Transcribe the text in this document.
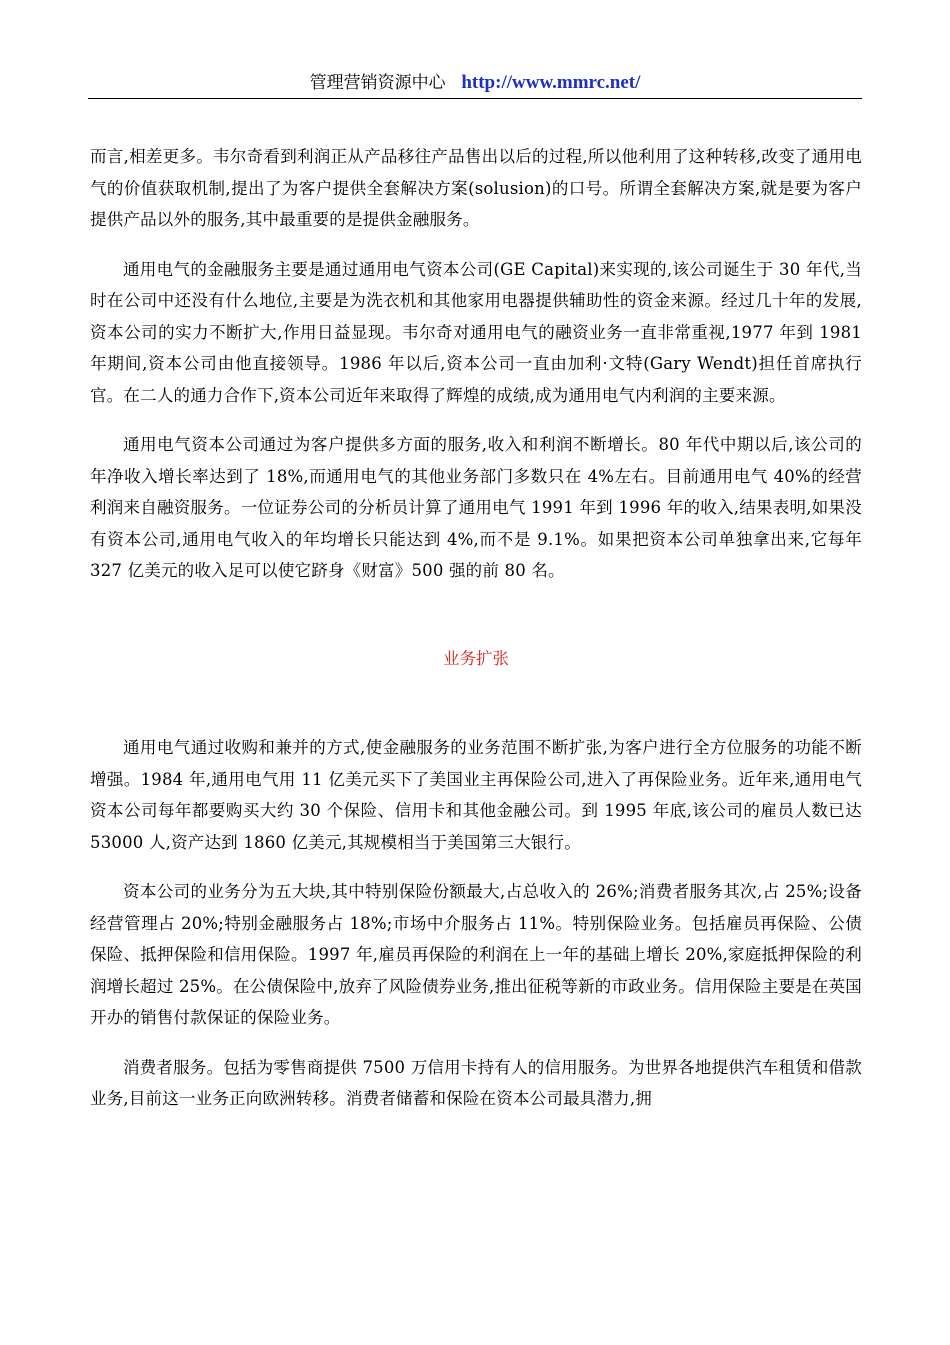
管理营销资源中心 http://www.mmrc.net/

而言,相差更多。韦尔奇看到利润正从产品移往产品售出以后的过程,所以他利用了这种转移,改变了通用电气的价值获取机制,提出了为客户提供全套解决方案(solusion)的口号。所谓全套解决方案,就是要为客户提供产品以外的服务,其中最重要的是提供金融服务。

通用电气的金融服务主要是通过通用电气资本公司(GE Capital)来实现的,该公司诞生于 30 年代,当时在公司中还没有什么地位,主要是为洗衣机和其他家用电器提供辅助性的资金来源。经过几十年的发展,资本公司的实力不断扩大,作用日益显现。韦尔奇对通用电气的融资业务一直非常重视,1977 年到 1981 年期间,资本公司由他直接领导。1986 年以后,资本公司一直由加利·文特(Gary Wendt)担任首席执行官。在二人的通力合作下,资本公司近年来取得了辉煌的成绩,成为通用电气内利润的主要来源。

通用电气资本公司通过为客户提供多方面的服务,收入和利润不断增长。80 年代中期以后,该公司的年净收入增长率达到了 18%,而通用电气的其他业务部门多数只在 4%左右。目前通用电气 40%的经营利润来自融资服务。一位证券公司的分析员计算了通用电气 1991 年到 1996 年的收入,结果表明,如果没有资本公司,通用电气收入的年均增长只能达到 4%,而不是 9.1%。如果把资本公司单独拿出来,它每年 327 亿美元的收入足可以使它跻身《财富》500 强的前 80 名。

业务扩张

通用电气通过收购和兼并的方式,使金融服务的业务范围不断扩张,为客户进行全方位服务的功能不断增强。1984 年,通用电气用 11 亿美元买下了美国业主再保险公司,进入了再保险业务。近年来,通用电气资本公司每年都要购买大约 30 个保险、信用卡和其他金融公司。到 1995 年底,该公司的雇员人数已达 53000 人,资产达到 1860 亿美元,其规模相当于美国第三大银行。

资本公司的业务分为五大块,其中特别保险份额最大,占总收入的 26%;消费者服务其次,占 25%;设备经营管理占 20%;特别金融服务占 18%;市场中介服务占 11%。特别保险业务。包括雇员再保险、公债保险、抵押保险和信用保险。1997 年,雇员再保险的利润在上一年的基础上增长 20%,家庭抵押保险的利润增长超过 25%。在公债保险中,放弃了风险债券业务,推出征税等新的市政业务。信用保险主要是在英国开办的销售付款保证的保险业务。

消费者服务。包括为零售商提供 7500 万信用卡持有人的信用服务。为世界各地提供汽车租赁和借款业务,目前这一业务正向欧洲转移。消费者储蓄和保险在资本公司最具潜力,拥
